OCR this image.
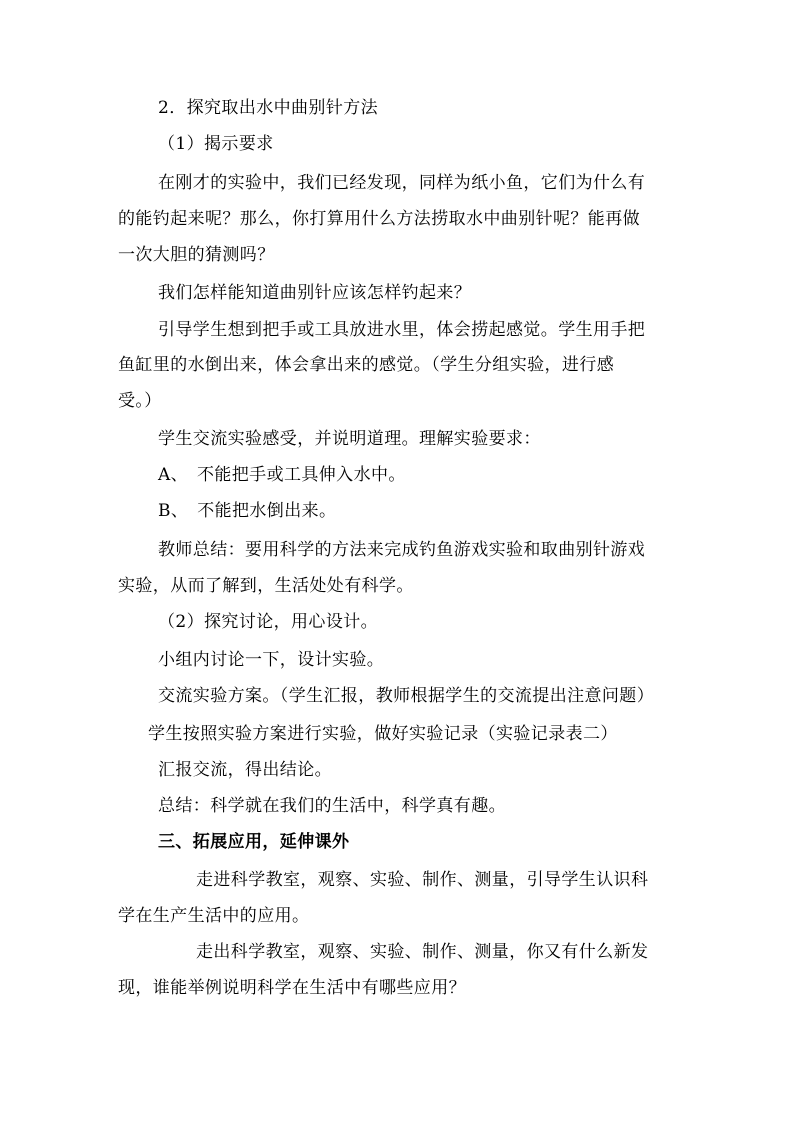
2．探究取出水中曲别针方法
（1）揭示要求
在刚才的实验中，我们已经发现，同样为纸小鱼，它们为什么有
的能钓起来呢？那么，你打算用什么方法捞取水中曲别针呢？能再做
一次大胆的猜测吗？
我们怎样能知道曲别针应该怎样钓起来？
引导学生想到把手或工具放进水里，体会捞起感觉。学生用手把
鱼缸里的水倒出来，体会拿出来的感觉。（学生分组实验，进行感
受。）
学生交流实验感受，并说明道理。理解实验要求：
A、　不能把手或工具伸入水中。
B、　不能把水倒出来。
教师总结：要用科学的方法来完成钓鱼游戏实验和取曲别针游戏
实验，从而了解到，生活处处有科学。
（2）探究讨论，用心设计。
小组内讨论一下，设计实验。
交流实验方案。（学生汇报，教师根据学生的交流提出注意问题）
学生按照实验方案进行实验，做好实验记录（实验记录表二）
汇报交流，得出结论。
总结：科学就在我们的生活中，科学真有趣。
三、拓展应用，延伸课外
走进科学教室，观察、实验、制作、测量，引导学生认识科
学在生产生活中的应用。
走出科学教室，观察、实验、制作、测量，你又有什么新发
现，谁能举例说明科学在生活中有哪些应用？
